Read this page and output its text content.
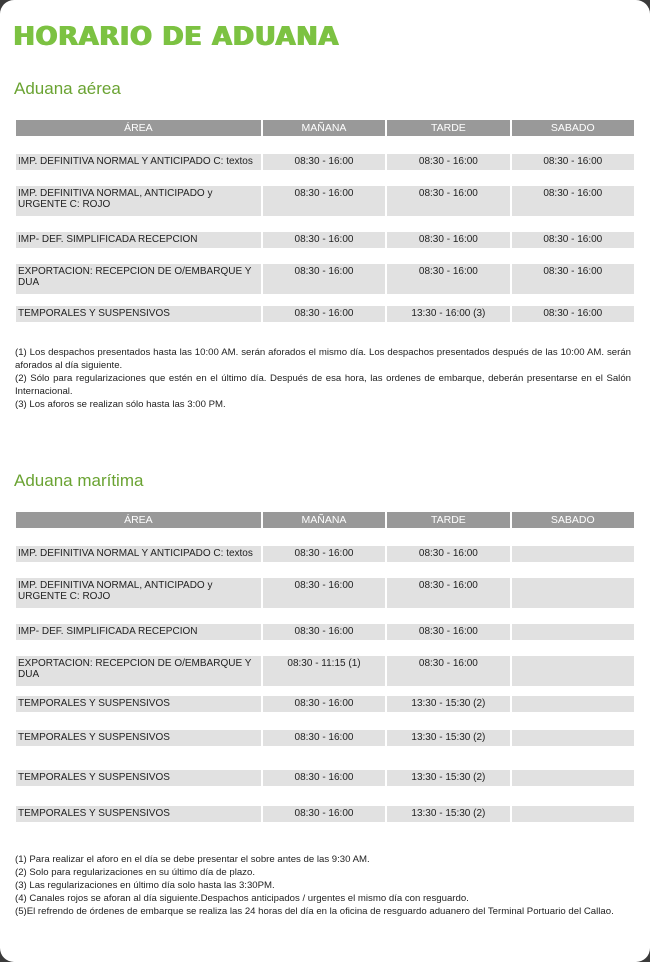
HORARIO DE ADUANA
Aduana aérea
ÁREA	MAÑANA	TARDE	SABADO

IMP. DEFINITIVA NORMAL Y ANTICIPADO C: textos	08:30 - 16:00	08:30 - 16:00	08:30 - 16:00

IMP. DEFINITIVA NORMAL, ANTICIPADO y URGENTE C: ROJO	08:30 - 16:00	08:30 - 16:00	08:30 - 16:00

IMP- DEF. SIMPLIFICADA RECEPCION	08:30 - 16:00	08:30 - 16:00	08:30 - 16:00

EXPORTACION: RECEPCION DE O/EMBARQUE Y DUA	08:30 - 16:00	08:30 - 16:00	08:30 - 16:00

TEMPORALES Y SUSPENSIVOS	08:30 - 16:00	13:30 - 16:00 (3)	08:30 - 16:00
(1) Los despachos presentados hasta las 10:00 AM. serán aforados el mismo día. Los despachos presentados después de las 10:00 AM. serán aforados al día siguiente.
(2) Sólo para regularizaciones que estén en el último día. Después de esa hora, las ordenes de embarque, deberán presentarse en el Salón Internacional.
(3) Los aforos se realizan sólo hasta las 3:00 PM.
Aduana marítima
ÁREA	MAÑANA	TARDE	SABADO

IMP. DEFINITIVA NORMAL Y ANTICIPADO C: textos	08:30 - 16:00	08:30 - 16:00	

IMP. DEFINITIVA NORMAL, ANTICIPADO y URGENTE C: ROJO	08:30 - 16:00	08:30 - 16:00	

IMP- DEF. SIMPLIFICADA RECEPCION	08:30 - 16:00	08:30 - 16:00	

EXPORTACION: RECEPCION DE O/EMBARQUE Y DUA	08:30 - 11:15 (1)	08:30 - 16:00	

TEMPORALES Y SUSPENSIVOS	08:30 - 16:00	13:30 - 15:30 (2)	

TEMPORALES Y SUSPENSIVOS	08:30 - 16:00	13:30 - 15:30 (2)	

TEMPORALES Y SUSPENSIVOS	08:30 - 16:00	13:30 - 15:30 (2)	

TEMPORALES Y SUSPENSIVOS	08:30 - 16:00	13:30 - 15:30 (2)	
(1) Para realizar el aforo en el día se debe presentar el sobre antes de las 9:30 AM.
(2) Solo para regularizaciones en su último día de plazo.
(3) Las regularizaciones en último día solo hasta las 3:30PM.
(4) Canales rojos se aforan al día siguiente.Despachos anticipados / urgentes el mismo día con resguardo.
(5)El refrendo de órdenes de embarque se realiza las 24 horas del día en la oficina de resguardo aduanero del Terminal Portuario del Callao.
